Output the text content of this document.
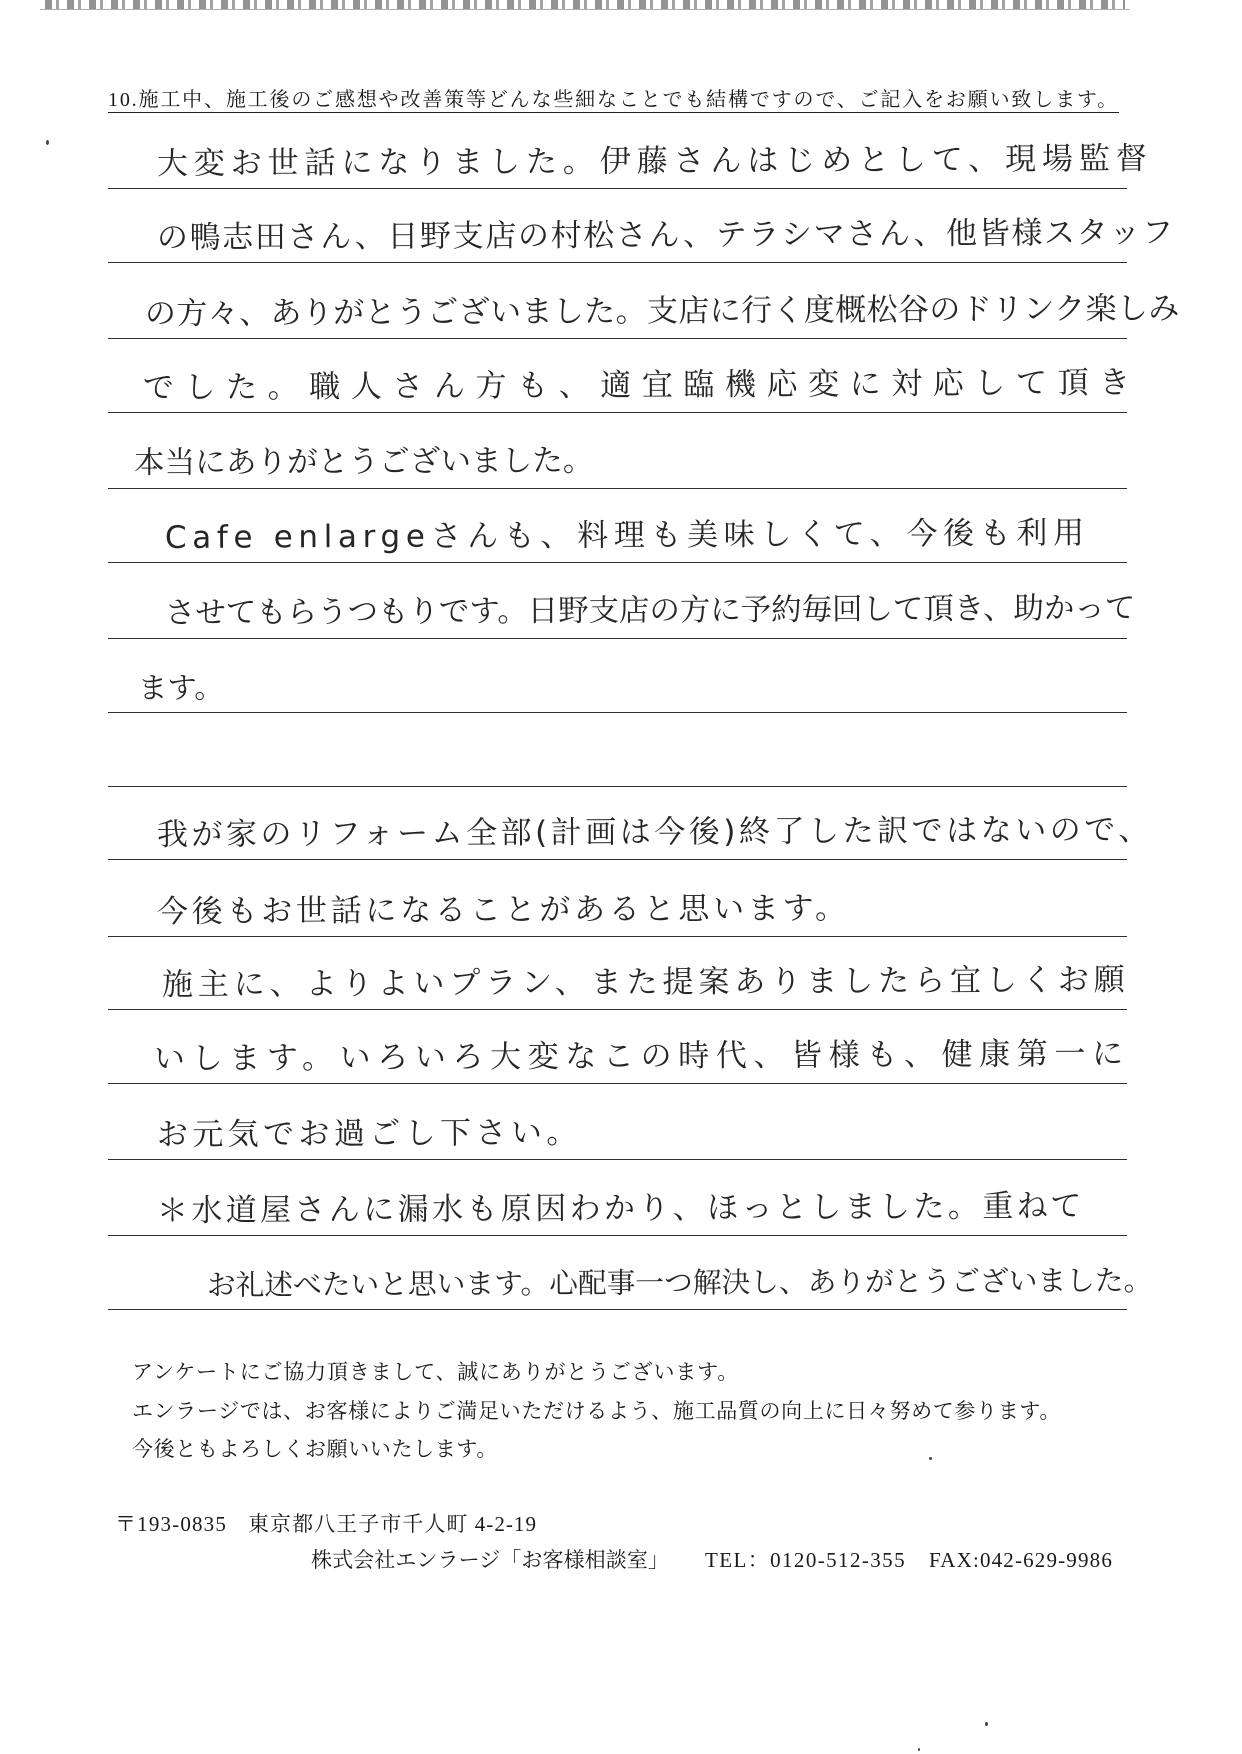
10.施工中、施工後のご感想や改善策等どんな些細なことでも結構ですので、ご記入をお願い致します。
大変お世話になりました。伊藤さんはじめとして、現場監督
の鴨志田さん、日野支店の村松さん、テラシマさん、他皆様スタッフ
の方々、ありがとうございました。支店に行く度概松谷のドリンク楽しみ
でした。職人さん方も、適宜臨機応変に対応して頂き
本当にありがとうございました。
Cafe enlargeさんも、料理も美味しくて、今後も利用
させてもらうつもりです。日野支店の方に予約毎回して頂き、助かって
ます。
我が家のリフォーム全部(計画は今後)終了した訳ではないので、
今後もお世話になることがあると思います。
施主に、よりよいプラン、また提案ありましたら宜しくお願
いします。いろいろ大変なこの時代、皆様も、健康第一に
お元気でお過ごし下さい。
＊水道屋さんに漏水も原因わかり、ほっとしました。重ねて
お礼述べたいと思います。心配事一つ解決し、ありがとうございました。
アンケートにご協力頂きまして、誠にありがとうございます。
エンラージでは、お客様によりご満足いただけるよう、施工品質の向上に日々努めて参ります。
今後ともよろしくお願いいたします。
〒193-0835 東京都八王子市千人町 4-2-19
株式会社エンラージ「お客様相談室」 TEL：0120-512-355 FAX:042-629-9986
